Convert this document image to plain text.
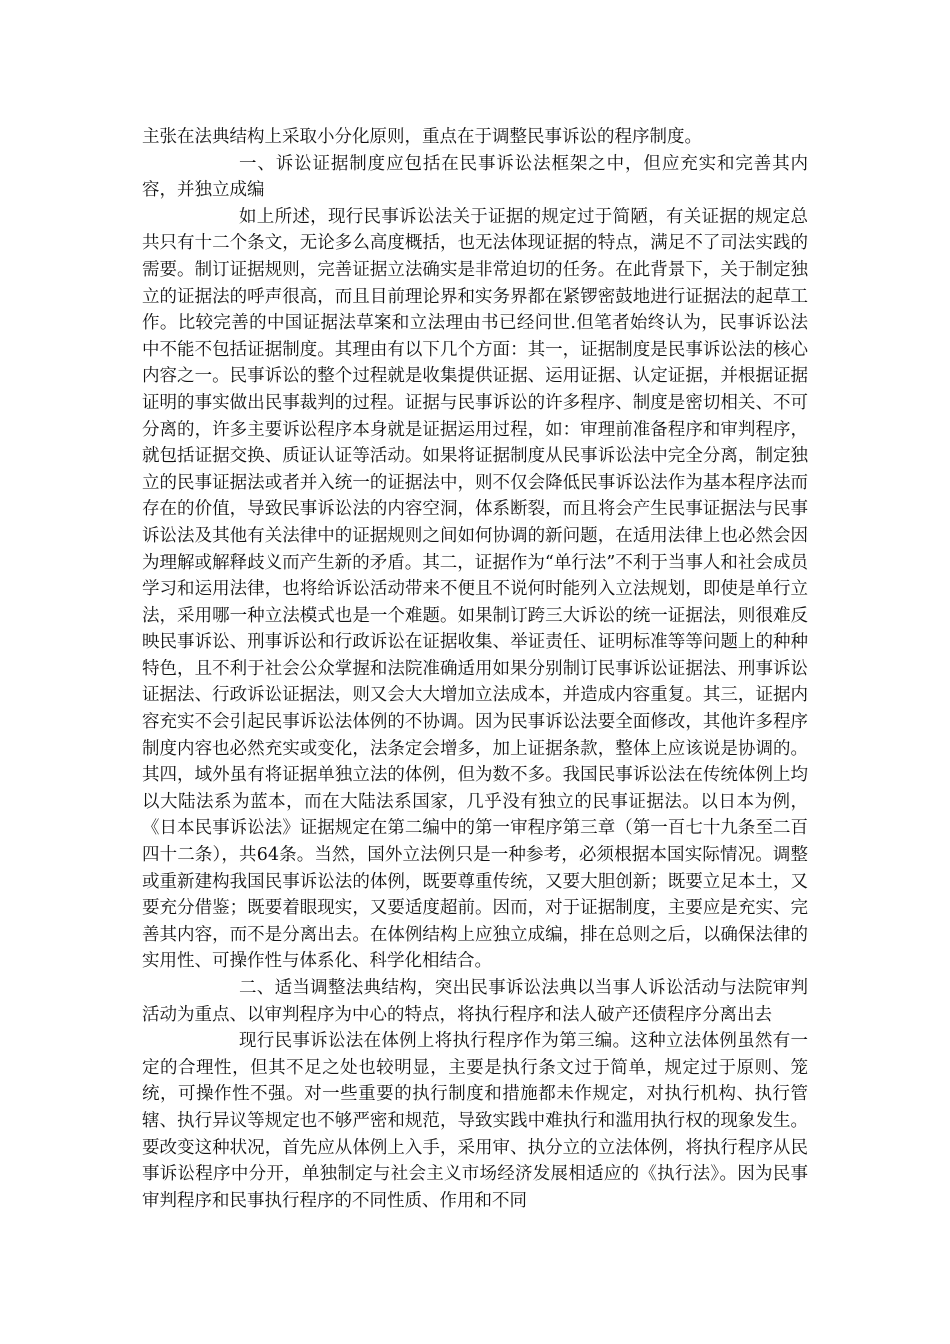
主张在法典结构上采取小分化原则，重点在于调整民事诉讼的程序制度。

一、诉讼证据制度应包括在民事诉讼法框架之中，但应充实和完善其内容，并独立成编

如上所述，现行民事诉讼法关于证据的规定过于简陋，有关证据的规定总共只有十二个条文，无论多么高度概括，也无法体现证据的特点，满足不了司法实践的需要。制订证据规则，完善证据立法确实是非常迫切的任务。在此背景下，关于制定独立的证据法的呼声很高，而且目前理论界和实务界都在紧锣密鼓地进行证据法的起草工作。比较完善的中国证据法草案和立法理由书已经问世.但笔者始终认为，民事诉讼法中不能不包括证据制度。其理由有以下几个方面：其一，证据制度是民事诉讼法的核心内容之一。民事诉讼的整个过程就是收集提供证据、运用证据、认定证据，并根据证据证明的事实做出民事裁判的过程。证据与民事诉讼的许多程序、制度是密切相关、不可分离的，许多主要诉讼程序本身就是证据运用过程，如：审理前准备程序和审判程序，就包括证据交换、质证认证等活动。如果将证据制度从民事诉讼法中完全分离，制定独立的民事证据法或者并入统一的证据法中，则不仅会降低民事诉讼法作为基本程序法而存在的价值，导致民事诉讼法的内容空洞，体系断裂，而且将会产生民事证据法与民事诉讼法及其他有关法律中的证据规则之间如何协调的新问题，在适用法律上也必然会因为理解或解释歧义而产生新的矛盾。其二，证据作为“单行法”不利于当事人和社会成员学习和运用法律，也将给诉讼活动带来不便且不说何时能列入立法规划，即使是单行立法，采用哪一种立法模式也是一个难题。如果制订跨三大诉讼的统一证据法，则很难反映民事诉讼、刑事诉讼和行政诉讼在证据收集、举证责任、证明标准等等问题上的种种特色，且不利于社会公众掌握和法院准确适用如果分别制订民事诉讼证据法、刑事诉讼证据法、行政诉讼证据法，则又会大大增加立法成本，并造成内容重复。其三，证据内容充实不会引起民事诉讼法体例的不协调。因为民事诉讼法要全面修改，其他许多程序制度内容也必然充实或变化，法条定会增多，加上证据条款，整体上应该说是协调的。其四，域外虽有将证据单独立法的体例，但为数不多。我国民事诉讼法在传统体例上均以大陆法系为蓝本，而在大陆法系国家，几乎没有独立的民事证据法。以日本为例，《日本民事诉讼法》证据规定在第二编中的第一审程序第三章（第一百七十九条至二百四十二条），共64条。当然，国外立法例只是一种参考，必须根据本国实际情况。调整或重新建构我国民事诉讼法的体例，既要尊重传统，又要大胆创新；既要立足本土，又要充分借鉴；既要着眼现实，又要适度超前。因而，对于证据制度，主要应是充实、完善其内容，而不是分离出去。在体例结构上应独立成编，排在总则之后，以确保法律的实用性、可操作性与体系化、科学化相结合。

二、适当调整法典结构，突出民事诉讼法典以当事人诉讼活动与法院审判活动为重点、以审判程序为中心的特点，将执行程序和法人破产还债程序分离出去

现行民事诉讼法在体例上将执行程序作为第三编。这种立法体例虽然有一定的合理性，但其不足之处也较明显，主要是执行条文过于简单，规定过于原则、笼统，可操作性不强。对一些重要的执行制度和措施都未作规定，对执行机构、执行管辖、执行异议等规定也不够严密和规范，导致实践中难执行和滥用执行权的现象发生。要改变这种状况，首先应从体例上入手，采用审、执分立的立法体例，将执行程序从民事诉讼程序中分开，单独制定与社会主义市场经济发展相适应的《执行法》。因为民事审判程序和民事执行程序的不同性质、作用和不同
